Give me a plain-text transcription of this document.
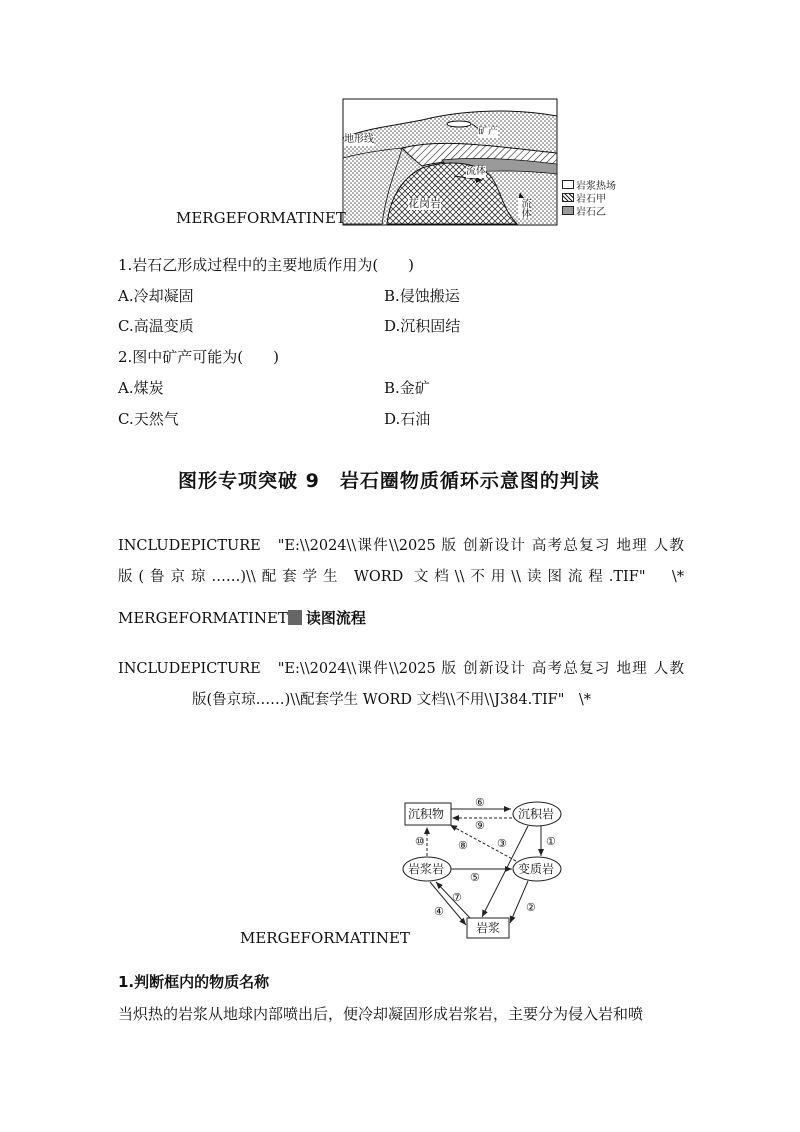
地形线
矿产
流体
流体
花岗岩
岩浆热场
岩石甲
岩石乙
MERGEFORMATINET
1.岩石乙形成过程中的主要地质作用为(　　)
A.冷却凝固	B.侵蚀搬运
C.高温变质	D.沉积固结
2.图中矿产可能为(　　)
A.煤炭	B.金矿
C.天然气	D.石油
图形专项突破 9　岩石圈物质循环示意图的判读
INCLUDEPICTURE　"E:\\2024\\课件\\2025 版 创新设计 高考总复习 地理 人教
版(鲁京琼……)\\配套学生 WORD 文档\\不用\\读图流程.TIF"　\*
MERGEFORMATINET 读图流程
INCLUDEPICTURE　"E:\\2024\\课件\\2025 版 创新设计 高考总复习 地理 人教
版(鲁京琼……)\\配套学生 WORD 文档\\不用\\J384.TIF"　\*
沉积物	沉积岩
岩浆岩	变质岩
岩浆
⑥
⑨
⑧	③	①
⑩
⑤
⑦
④	②
MERGEFORMATINET
1.判断框内的物质名称
当炽热的岩浆从地球内部喷出后，便冷却凝固形成岩浆岩，主要分为侵入岩和喷
